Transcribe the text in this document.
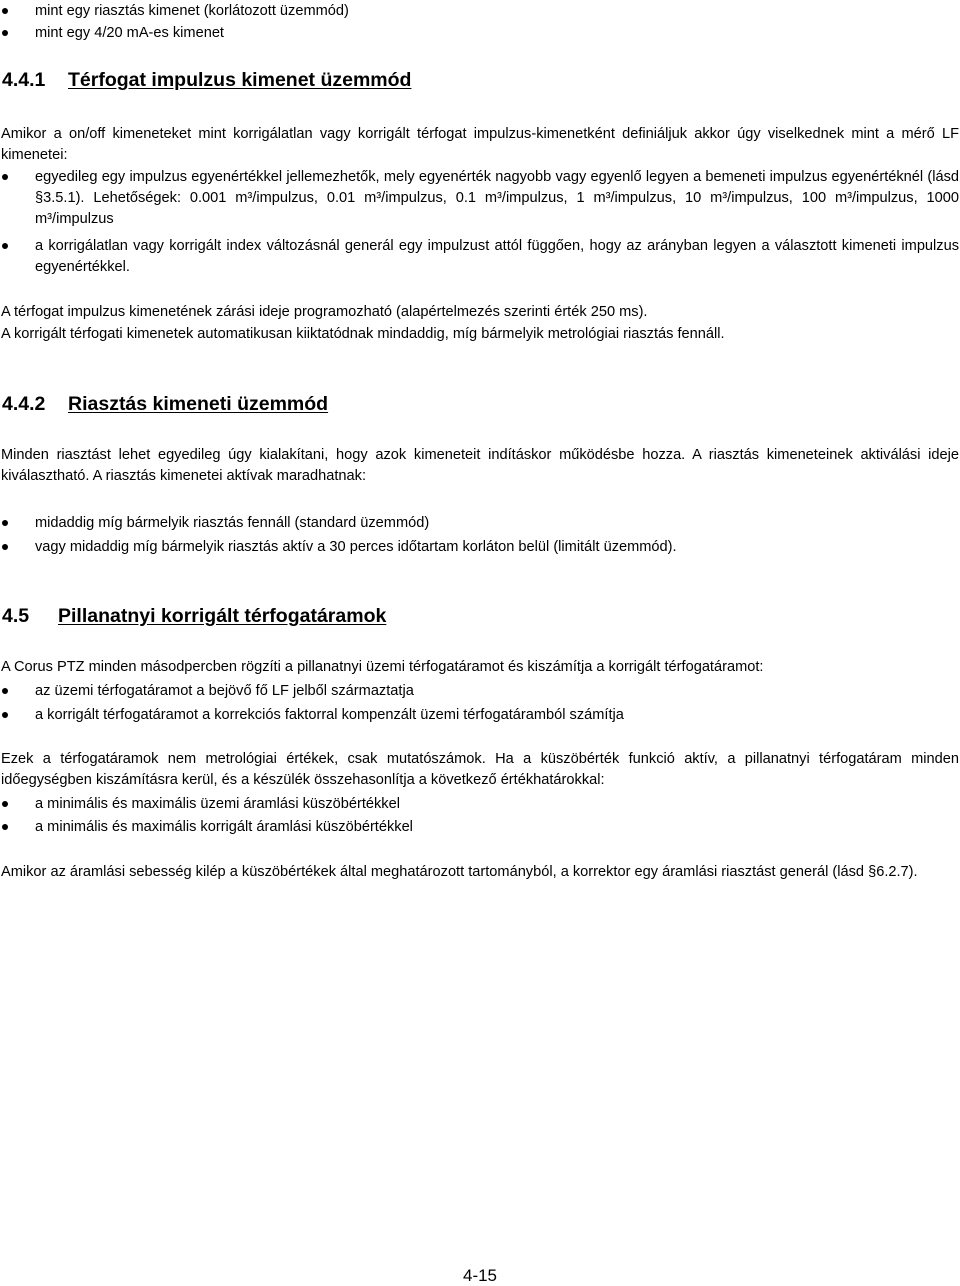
mint egy riasztás kimenet (korlátozott üzemmód)
mint egy 4/20 mA-es kimenet
4.4.1 Térfogat impulzus kimenet üzemmód
Amikor a on/off kimeneteket mint korrigálatlan vagy korrigált térfogat impulzus-kimenetként definiáljuk akkor úgy viselkednek mint a mérő LF kimenetei:
egyedileg egy impulzus egyenértékkel jellemezhetők, mely egyenérték nagyobb vagy egyenlő legyen a bemeneti impulzus egyenértéknél (lásd §3.5.1). Lehetőségek: 0.001 m³/impulzus, 0.01 m³/impulzus, 0.1 m³/impulzus, 1 m³/impulzus, 10 m³/impulzus, 100 m³/impulzus, 1000 m³/impulzus
a korrigálatlan vagy korrigált index változásnál generál egy impulzust attól függően, hogy az arányban legyen a választott kimeneti impulzus egyenértékkel.
A térfogat impulzus kimenetének zárási ideje programozható (alapértelmezés szerinti érték 250 ms).
A korrigált térfogati kimenetek automatikusan kiiktatódnak mindaddig, míg bármelyik metrológiai riasztás fennáll.
4.4.2 Riasztás kimeneti üzemmód
Minden riasztást lehet egyedileg úgy kialakítani, hogy azok kimeneteit indításkor működésbe hozza. A riasztás kimeneteinek aktiválási ideje kiválasztható. A riasztás kimenetei aktívak maradhatnak:
midaddig míg bármelyik riasztás fennáll (standard üzemmód)
vagy midaddig míg bármelyik riasztás aktív a 30 perces időtartam korláton belül (limitált üzemmód).
4.5 Pillanatnyi korrigált térfogatáramok
A Corus PTZ minden másodpercben rögzíti a pillanatnyi üzemi térfogatáramot és kiszámítja a korrigált térfogatáramot:
az üzemi térfogatáramot a bejövő fő LF jelből származtatja
a korrigált térfogatáramot a korrekciós faktorral kompenzált üzemi térfogatáramból számítja
Ezek a térfogatáramok nem metrológiai értékek, csak mutatószámok. Ha a küszöbérték funkció aktív, a pillanatnyi térfogatáram minden időegységben kiszámításra kerül, és a készülék összehasonlítja a következő értékhatárokkal:
a minimális és maximális üzemi áramlási küszöbértékkel
a minimális és maximális korrigált áramlási küszöbértékkel
Amikor az áramlási sebesség kilép a küszöbértékek által meghatározott tartományból, a korrektor egy áramlási riasztást generál (lásd §6.2.7).
4-15
